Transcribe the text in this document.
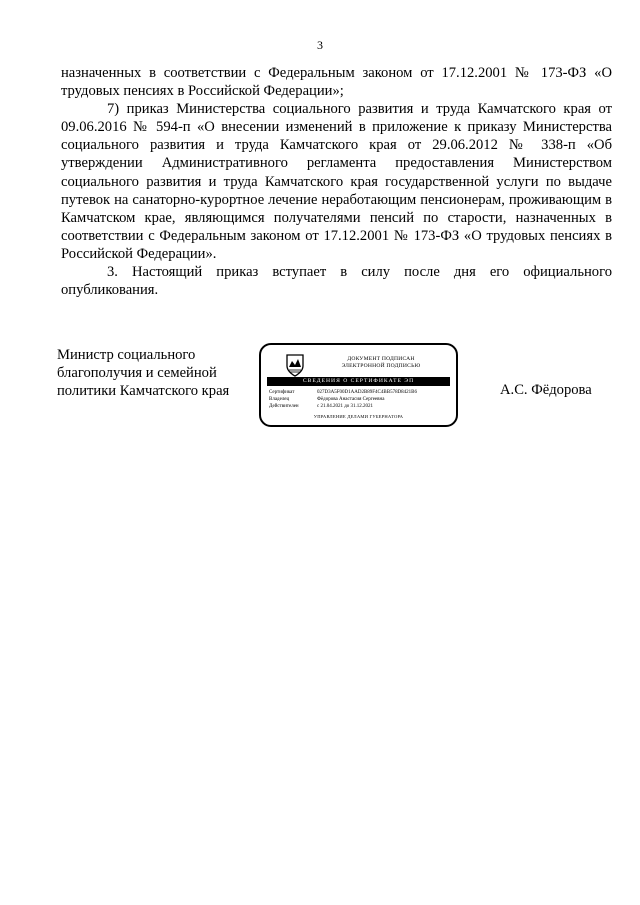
3

назначенных в соответствии с Федеральным законом от 17.12.2001 № 173-ФЗ «О трудовых пенсиях в Российской Федерации»;

7) приказ Министерства социального развития и труда Камчатского края от 09.06.2016 № 594-п «О внесении изменений в приложение к приказу Министерства социального развития и труда Камчатского края от 29.06.2012 № 338-п «Об утверждении Административного регламента предоставления Министерством социального развития и труда Камчатского края государственной услуги по выдаче путевок на санаторно-курортное лечение неработающим пенсионерам, проживающим в Камчатском крае, являющимся получателями пенсий по старости, назначенных в соответствии с Федеральным законом от 17.12.2001 № 173-ФЗ «О трудовых пенсиях в Российской Федерации».

3. Настоящий приказ вступает в силу после дня его официального опубликования.

Министр социального благополучия и семейной политики Камчатского края
ДОКУМЕНТ ПОДПИСАН
ЭЛЕКТРОННОЙ ПОДПИСЬЮ
СВЕДЕНИЯ О СЕРТИФИКАТЕ ЭП
Сертификат	027D3A5F00D1AAD2B89F4C4BB578D8421B6
Владелец	Фёдорова Анастасия Сергеевна
Действителен	с 21.04.2021 до 31.12.2021
УПРАВЛЕНИЕ ДЕЛАМИ ГУБЕРНАТОРА
А.С. Фёдорова
